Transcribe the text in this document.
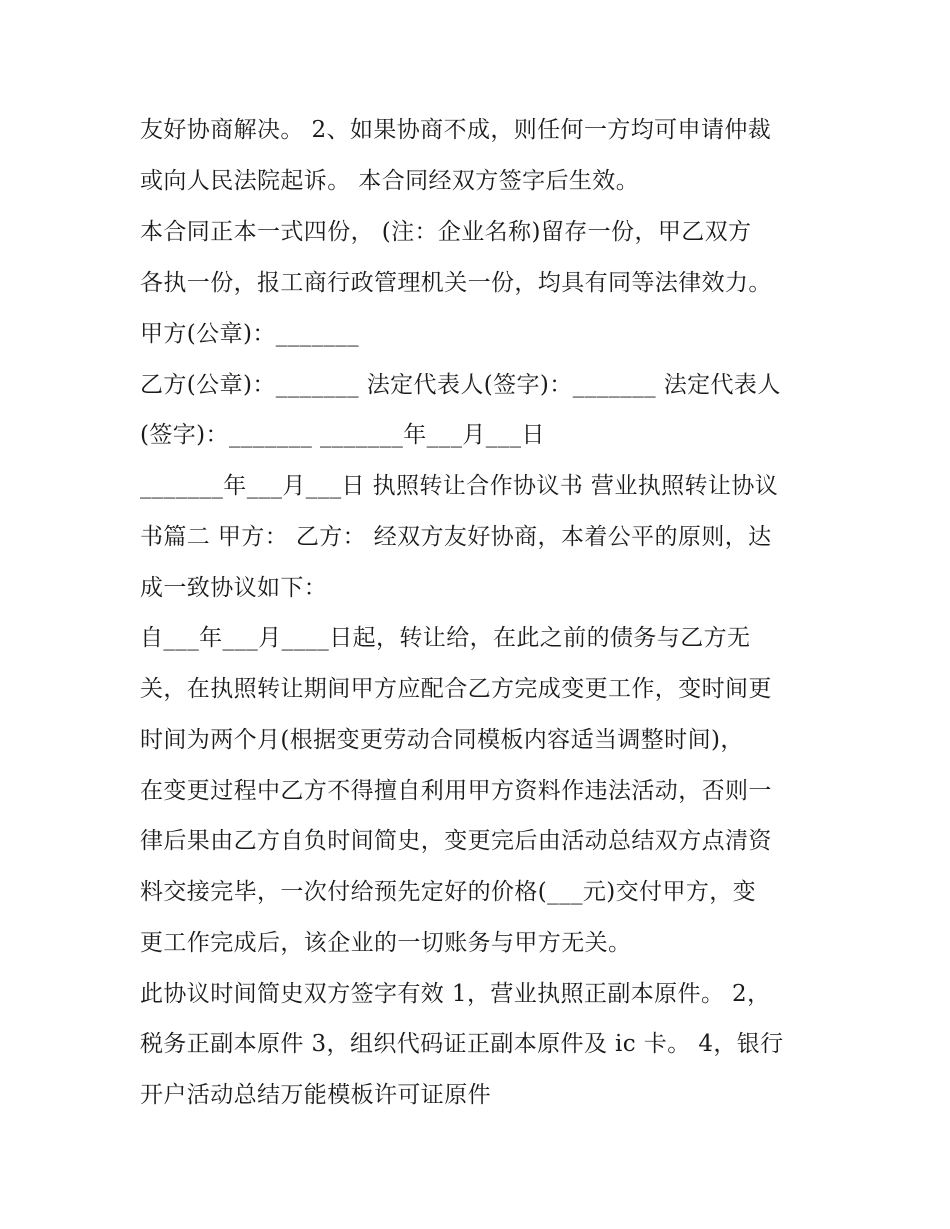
友好协商解决。 2、如果协商不成，则任何一方均可申请仲裁
或向人民法院起诉。 本合同经双方签字后生效。
本合同正本一式四份， (注：企业名称)留存一份，甲乙双方
各执一份，报工商行政管理机关一份，均具有同等法律效力。
甲方(公章)：_______
乙方(公章)：_______ 法定代表人(签字)：_______ 法定代表人
(签字)：_______ _______年___月___日
_______年___月___日 执照转让合作协议书 营业执照转让协议
书篇二 甲方： 乙方： 经双方友好协商，本着公平的原则，达
成一致协议如下：
自___年___月____日起，转让给，在此之前的债务与乙方无
关，在执照转让期间甲方应配合乙方完成变更工作，变时间更
时间为两个月(根据变更劳动合同模板内容适当调整时间)，
在变更过程中乙方不得擅自利用甲方资料作违法活动，否则一
律后果由乙方自负时间简史，变更完后由活动总结双方点清资
料交接完毕，一次付给预先定好的价格(___元)交付甲方，变
更工作完成后，该企业的一切账务与甲方无关。
此协议时间简史双方签字有效 1，营业执照正副本原件。 2，
税务正副本原件 3，组织代码证正副本原件及 ic 卡。 4，银行
开户活动总结万能模板许可证原件
